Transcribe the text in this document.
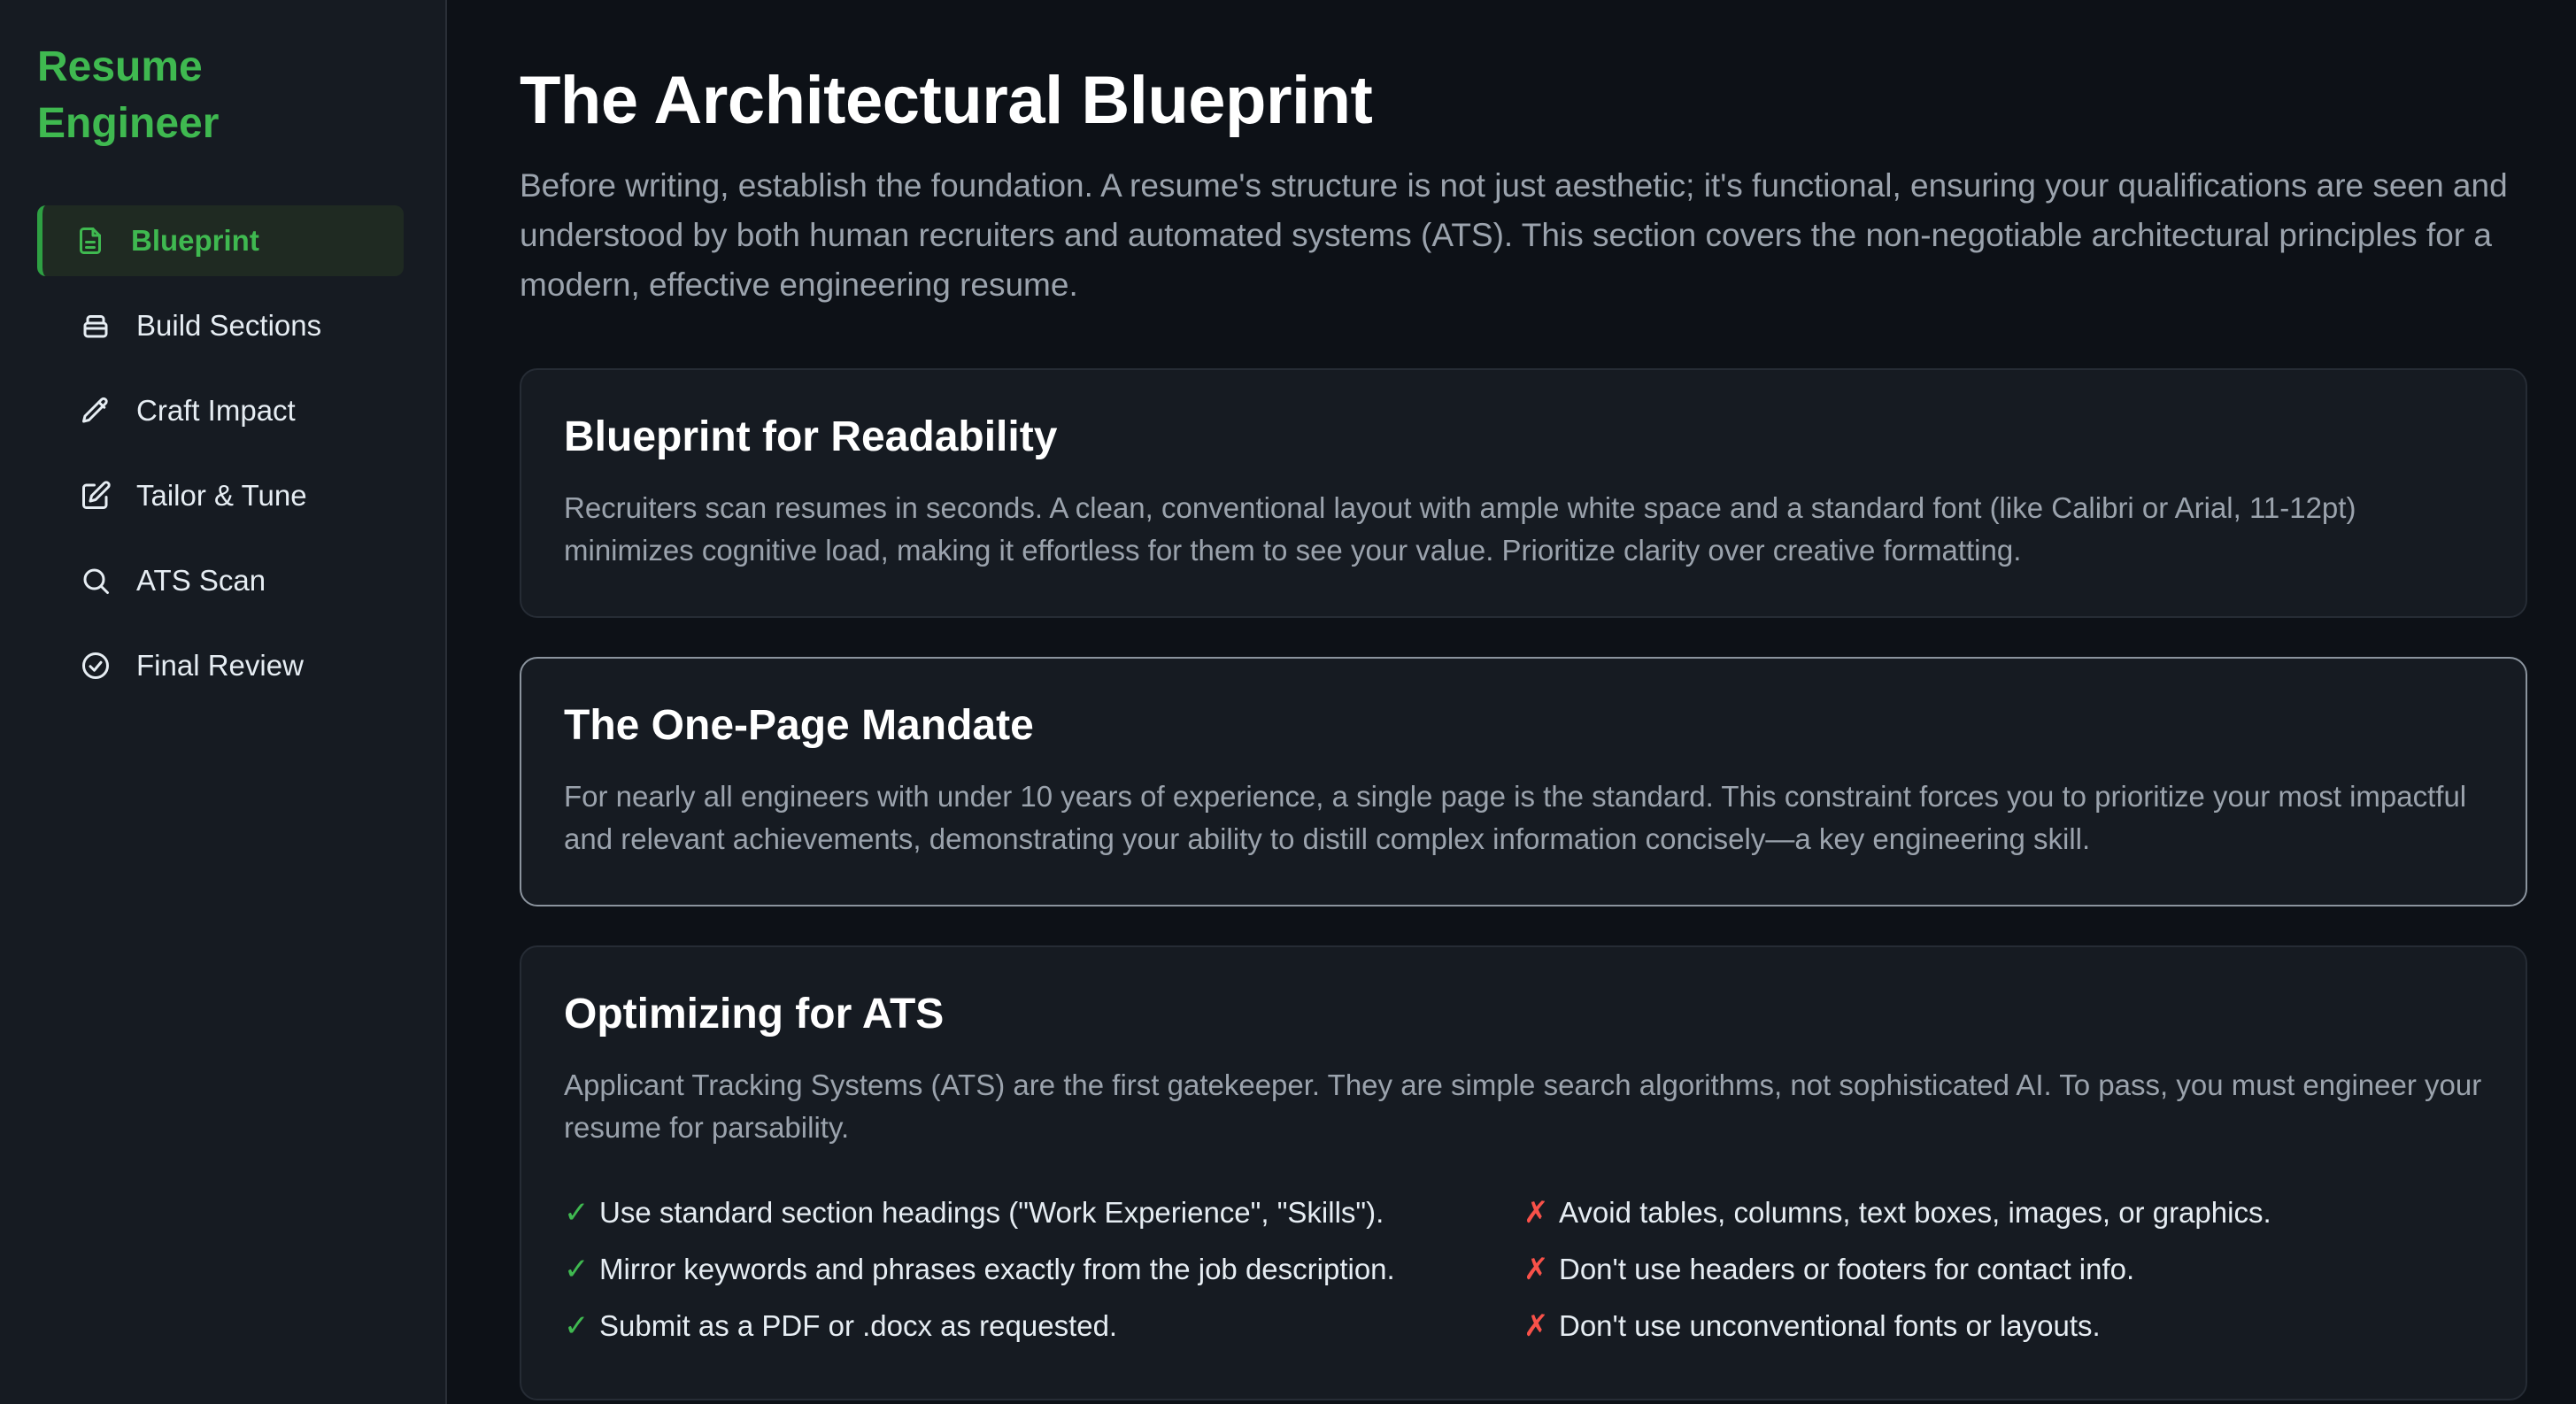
Resume Engineer
Blueprint
Build Sections
Craft Impact
Tailor & Tune
ATS Scan
Final Review
The Architectural Blueprint

Before writing, establish the foundation. A resume's structure is not just aesthetic; it's functional, ensuring your qualifications are seen and understood by both human recruiters and automated systems (ATS). This section covers the non-negotiable architectural principles for a modern, effective engineering resume.

Blueprint for Readability

Recruiters scan resumes in seconds. A clean, conventional layout with ample white space and a standard font (like Calibri or Arial, 11-12pt) minimizes cognitive load, making it effortless for them to see your value. Prioritize clarity over creative formatting.

The One-Page Mandate

For nearly all engineers with under 10 years of experience, a single page is the standard. This constraint forces you to prioritize your most impactful and relevant achievements, demonstrating your ability to distill complex information concisely—a key engineering skill.

Optimizing for ATS

Applicant Tracking Systems (ATS) are the first gatekeeper. They are simple search algorithms, not sophisticated AI. To pass, you must engineer your resume for parsability.

✓ Use standard section headings ("Work Experience", "Skills").
✓ Mirror keywords and phrases exactly from the job description.
✓ Submit as a PDF or .docx as requested.
✗ Avoid tables, columns, text boxes, images, or graphics.
✗ Don't use headers or footers for contact info.
✗ Don't use unconventional fonts or layouts.
